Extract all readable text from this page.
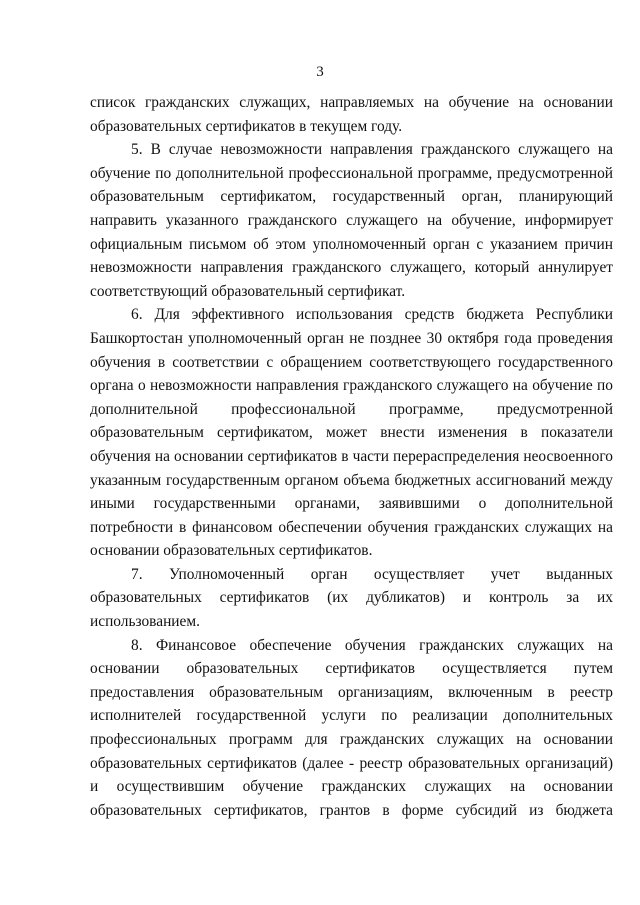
3

список гражданских служащих, направляемых на обучение на основании образовательных сертификатов в текущем году.

5. В случае невозможности направления гражданского служащего на обучение по дополнительной профессиональной программе, предусмотренной образовательным сертификатом, государственный орган, планирующий направить указанного гражданского служащего на обучение, информирует официальным письмом об этом уполномоченный орган с указанием причин невозможности направления гражданского служащего, который аннулирует соответствующий образовательный сертификат.

6. Для эффективного использования средств бюджета Республики Башкортостан уполномоченный орган не позднее 30 октября года проведения обучения в соответствии с обращением соответствующего государственного органа о невозможности направления гражданского служащего на обучение по дополнительной профессиональной программе, предусмотренной образовательным сертификатом, может внести изменения в показатели обучения на основании сертификатов в части перераспределения неосвоенного указанным государственным органом объема бюджетных ассигнований между иными государственными органами, заявившими о дополнительной потребности в финансовом обеспечении обучения гражданских служащих на основании образовательных сертификатов.

7. Уполномоченный орган осуществляет учет выданных образовательных сертификатов (их дубликатов) и контроль за их использованием.

8. Финансовое обеспечение обучения гражданских служащих на основании образовательных сертификатов осуществляется путем предоставления образовательным организациям, включенным в реестр исполнителей государственной услуги по реализации дополнительных профессиональных программ для гражданских служащих на основании образовательных сертификатов (далее - реестр образовательных организаций) и осуществившим обучение гражданских служащих на основании образовательных сертификатов, грантов в форме субсидий из бюджета
